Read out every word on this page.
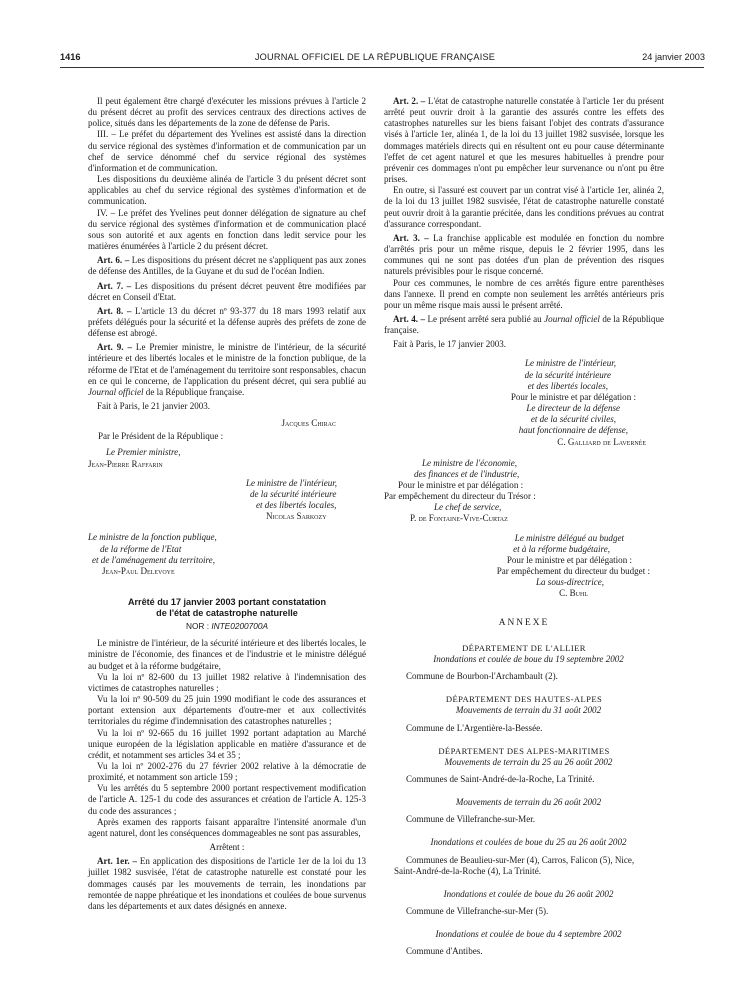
1416	JOURNAL OFFICIEL DE LA RÉPUBLIQUE FRANÇAISE	24 janvier 2003

Il peut également être chargé d'exécuter les missions prévues à l'article 2 du présent décret au profit des services centraux des directions actives de police, situés dans les départements de la zone de défense de Paris.

III. – Le préfet du département des Yvelines est assisté dans la direction du service régional des systèmes d'information et de communication par un chef de service dénommé chef du service régional des systèmes d'information et de communication.

Les dispositions du deuxième alinéa de l'article 3 du présent décret sont applicables au chef du service régional des systèmes d'information et de communication.

IV. – Le préfet des Yvelines peut donner délégation de signature au chef du service régional des systèmes d'information et de communication placé sous son autorité et aux agents en fonction dans ledit service pour les matières énumérées à l'article 2 du présent décret.

Art. 6. – Les dispositions du présent décret ne s'appliquent pas aux zones de défense des Antilles, de la Guyane et du sud de l'océan Indien.

Art. 7. – Les dispositions du présent décret peuvent être modifiées par décret en Conseil d'Etat.

Art. 8. – L'article 13 du décret nº 93-377 du 18 mars 1993 relatif aux préfets délégués pour la sécurité et la défense auprès des préfets de zone de défense est abrogé.

Art. 9. – Le Premier ministre, le ministre de l'intérieur, de la sécurité intérieure et des libertés locales et le ministre de la fonction publique, de la réforme de l'Etat et de l'aménagement du territoire sont responsables, chacun en ce qui le concerne, de l'application du présent décret, qui sera publié au Journal officiel de la République française.

Fait à Paris, le 21 janvier 2003.

Jacques Chirac

Par le Président de la République :

Le Premier ministre,

Jean-Pierre Raffarin

Le ministre de l'intérieur,

de la sécurité intérieure

et des libertés locales,

Nicolas Sarkozy

Le ministre de la fonction publique,

de la réforme de l'Etat

et de l'aménagement du territoire,

Jean-Paul Delevoye

Arrêté du 17 janvier 2003 portant constatation
de l'état de catastrophe naturelle
NOR : INTE0200700A

Le ministre de l'intérieur, de la sécurité intérieure et des libertés locales, le ministre de l'économie, des finances et de l'industrie et le ministre délégué au budget et à la réforme budgétaire,

Vu la loi nº 82-600 du 13 juillet 1982 relative à l'indemnisation des victimes de catastrophes naturelles ;

Vu la loi nº 90-509 du 25 juin 1990 modifiant le code des assurances et portant extension aux départements d'outre-mer et aux collectivités territoriales du régime d'indemnisation des catastrophes naturelles ;

Vu la loi nº 92-665 du 16 juillet 1992 portant adaptation au Marché unique européen de la législation applicable en matière d'assurance et de crédit, et notamment ses articles 34 et 35 ;

Vu la loi nº 2002-276 du 27 février 2002 relative à la démocratie de proximité, et notamment son article 159 ;

Vu les arrêtés du 5 septembre 2000 portant respectivement modification de l'article A. 125-1 du code des assurances et création de l'article A. 125-3 du code des assurances ;

Après examen des rapports faisant apparaître l'intensité anormale d'un agent naturel, dont les conséquences dommageables ne sont pas assurables,

Arrêtent :

Art. 1er. – En application des dispositions de l'article 1er de la loi du 13 juillet 1982 susvisée, l'état de catastrophe naturelle est constaté pour les dommages causés par les mouvements de terrain, les inondations par remontée de nappe phréatique et les inondations et coulées de boue survenus dans les départements et aux dates désignés en annexe.

Art. 2. – L'état de catastrophe naturelle constatée à l'article 1er du présent arrêté peut ouvrir droit à la garantie des assurés contre les effets des catastrophes naturelles sur les biens faisant l'objet des contrats d'assurance visés à l'article 1er, alinéa 1, de la loi du 13 juillet 1982 susvisée, lorsque les dommages matériels directs qui en résultent ont eu pour cause déterminante l'effet de cet agent naturel et que les mesures habituelles à prendre pour prévenir ces dommages n'ont pu empêcher leur survenance ou n'ont pu être prises.

En outre, si l'assuré est couvert par un contrat visé à l'article 1er, alinéa 2, de la loi du 13 juillet 1982 susvisée, l'état de catastrophe naturelle constaté peut ouvrir droit à la garantie précitée, dans les conditions prévues au contrat d'assurance correspondant.

Art. 3. – La franchise applicable est modulée en fonction du nombre d'arrêtés pris pour un même risque, depuis le 2 février 1995, dans les communes qui ne sont pas dotées d'un plan de prévention des risques naturels prévisibles pour le risque concerné.

Pour ces communes, le nombre de ces arrêtés figure entre parenthèses dans l'annexe. Il prend en compte non seulement les arrêtés antérieurs pris pour un même risque mais aussi le présent arrêté.

Art. 4. – Le présent arrêté sera publié au Journal officiel de la République française.

Fait à Paris, le 17 janvier 2003.

Le ministre de l'intérieur,

de la sécurité intérieure

et des libertés locales,

Pour le ministre et par délégation :

Le directeur de la défense

et de la sécurité civiles,

haut fonctionnaire de défense,

C. Galliard de Lavernée

Le ministre de l'économie,

des finances et de l'industrie,

Pour le ministre et par délégation :

Par empêchement du directeur du Trésor :

Le chef de service,

P. de Fontaine-Vive-Curtaz

Le ministre délégué au budget

et à la réforme budgétaire,

Pour le ministre et par délégation :

Par empêchement du directeur du budget :

La sous-directrice,

C. Buhl

ANNEXE
DÉPARTEMENT DE L'ALLIER

Inondations et coulée de boue du 19 septembre 2002

Commune de Bourbon-l'Archambault (2).

DÉPARTEMENT DES HAUTES-ALPES

Mouvements de terrain du 31 août 2002

Commune de L'Argentière-la-Bessée.

DÉPARTEMENT DES ALPES-MARITIMES

Mouvements de terrain du 25 au 26 août 2002

Communes de Saint-André-de-la-Roche, La Trinité.

Mouvements de terrain du 26 août 2002

Commune de Villefranche-sur-Mer.

Inondations et coulées de boue du 25 au 26 août 2002

Communes de Beaulieu-sur-Mer (4), Carros, Falicon (5), Nice,

Saint-André-de-la-Roche (4), La Trinité.

Inondations et coulée de boue du 26 août 2002

Commune de Villefranche-sur-Mer (5).

Inondations et coulée de boue du 4 septembre 2002

Commune d'Antibes.
